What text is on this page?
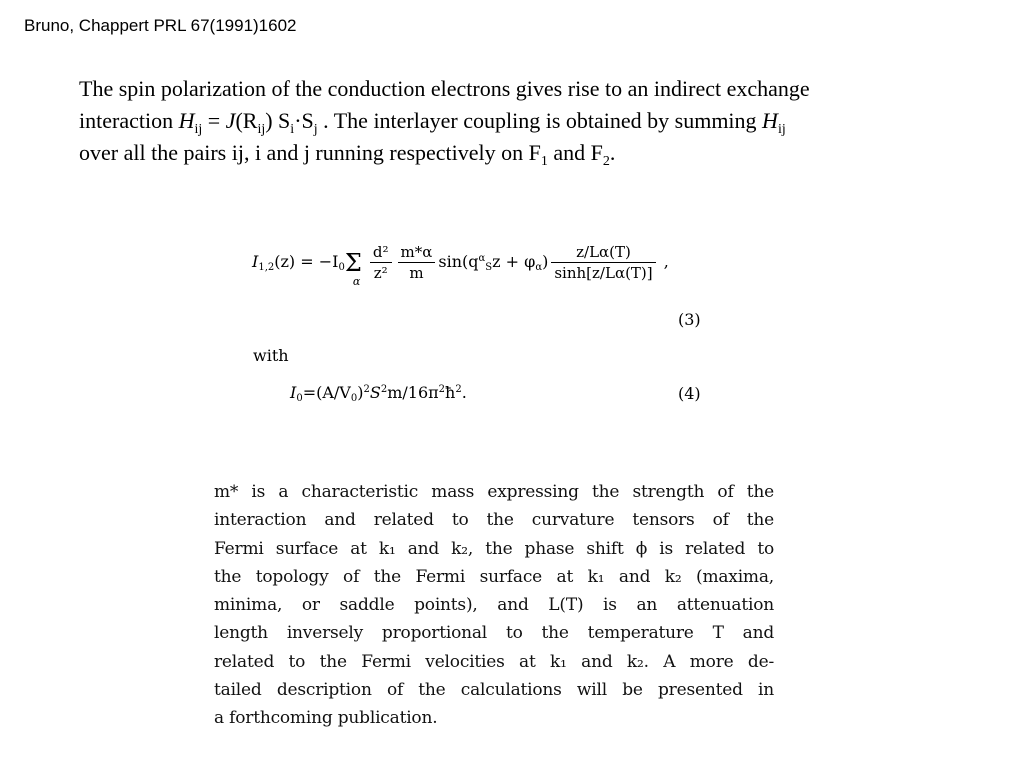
Bruno, Chappert PRL 67(1991)1602
The spin polarization of the conduction electrons gives rise to an indirect exchange
interaction $H_{ij} = J(R_{ij})$ $S_i\cdot S_j$ . The interlayer coupling is obtained by summing $H_{ij}$
over all the pairs ij, i and j running respectively on $F_1$ and $F_2$.
$I_{1,2}(z) = -I_0\Sigma$
α
$\frac{\text{d²}}{\text{z²}} \frac{m*\alpha}{m} \sin(q^\alpha_Sz + \varphi_\alpha) \frac{z/L\alpha(T)}{\sinh[z/L\alpha(T)]}$ ,
(3)
with
$I_0=(A/V_0)^2S^2m/16\pi^2ħ^2$.	(4)
m* is a characteristic mass expressing the strength of the
interaction and related to the curvature tensors of the
Fermi surface at k₁ and k₂, the phase shift ϕ is related to
the topology of the Fermi surface at k₁ and k₂ (maxima,
minima, or saddle points), and L(T) is an attenuation
length inversely proportional to the temperature T and
related to the Fermi velocities at k₁ and k₂. A more de-
tailed description of the calculations will be presented in
a forthcoming publication.
